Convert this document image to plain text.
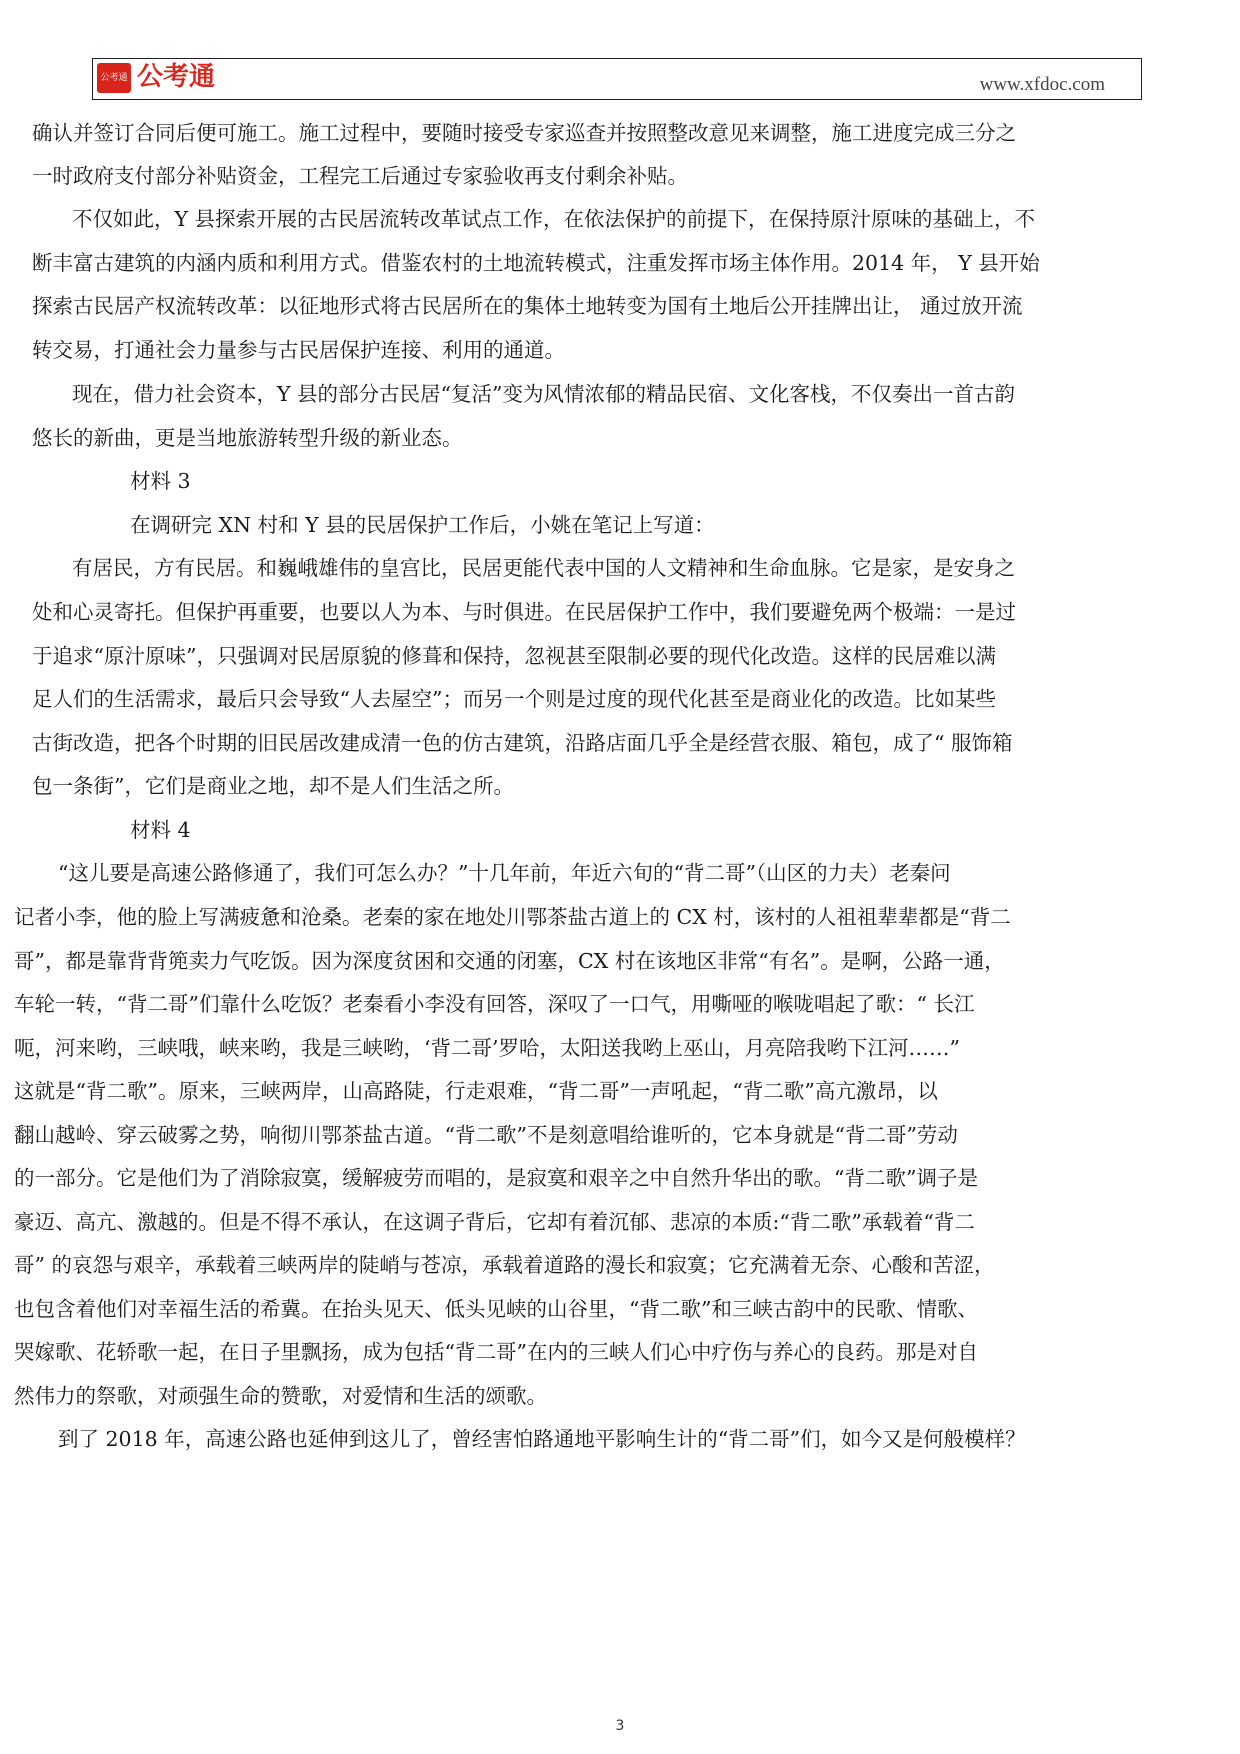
公考通 公考通	www.xfdoc.com
确认并签订合同后便可施工。施工过程中，要随时接受专家巡查并按照整改意见来调整，施工进度完成三分之
一时政府支付部分补贴资金，工程完工后通过专家验收再支付剩余补贴。
不仅如此，Y 县探索开展的古民居流转改革试点工作，在依法保护的前提下，在保持原汁原味的基础上，不
断丰富古建筑的内涵内质和利用方式。借鉴农村的土地流转模式，注重发挥市场主体作用。2014 年， Y 县开始
探索古民居产权流转改革：以征地形式将古民居所在的集体土地转变为国有土地后公开挂牌出让， 通过放开流
转交易，打通社会力量参与古民居保护连接、利用的通道。
现在，借力社会资本，Y 县的部分古民居“复活”变为风情浓郁的精品民宿、文化客栈，不仅奏出一首古韵
悠长的新曲，更是当地旅游转型升级的新业态。
材料 3
在调研完 XN 村和 Y 县的民居保护工作后，小姚在笔记上写道：
有居民，方有民居。和巍峨雄伟的皇宫比，民居更能代表中国的人文精神和生命血脉。它是家，是安身之
处和心灵寄托。但保护再重要，也要以人为本、与时俱进。在民居保护工作中，我们要避免两个极端：一是过
于追求“原汁原味”，只强调对民居原貌的修葺和保持，忽视甚至限制必要的现代化改造。这样的民居难以满
足人们的生活需求，最后只会导致“人去屋空”；而另一个则是过度的现代化甚至是商业化的改造。比如某些
古街改造，把各个时期的旧民居改建成清一色的仿古建筑，沿路店面几乎全是经营衣服、箱包，成了“ 服饰箱
包一条街”，它们是商业之地，却不是人们生活之所。
材料 4
“这儿要是高速公路修通了，我们可怎么办？”十几年前，年近六旬的“背二哥”（山区的力夫）老秦问
记者小李，他的脸上写满疲惫和沧桑。老秦的家在地处川鄂茶盐古道上的 CX 村，该村的人祖祖辈辈都是“背二
哥”，都是靠背背篼卖力气吃饭。因为深度贫困和交通的闭塞，CX 村在该地区非常“有名”。是啊，公路一通，
车轮一转，“背二哥”们靠什么吃饭？老秦看小李没有回答，深叹了一口气，用嘶哑的喉咙唱起了歌：“ 长江
呃，河来哟，三峡哦，峡来哟，我是三峡哟，‘背二哥’罗哈，太阳送我哟上巫山，月亮陪我哟下江河……”
这就是“背二歌”。原来，三峡两岸，山高路陡，行走艰难，“背二哥”一声吼起，“背二歌”高亢激昂，以
翻山越岭、穿云破雾之势，响彻川鄂茶盐古道。“背二歌”不是刻意唱给谁听的，它本身就是“背二哥”劳动
的一部分。它是他们为了消除寂寞，缓解疲劳而唱的，是寂寞和艰辛之中自然升华出的歌。“背二歌”调子是
豪迈、高亢、激越的。但是不得不承认，在这调子背后，它却有着沉郁、悲凉的本质:“背二歌”承载着“背二
哥” 的哀怨与艰辛，承载着三峡两岸的陡峭与苍凉，承载着道路的漫长和寂寞；它充满着无奈、心酸和苦涩，
也包含着他们对幸福生活的希冀。在抬头见天、低头见峡的山谷里，“背二歌”和三峡古韵中的民歌、情歌、
哭嫁歌、花轿歌一起，在日子里飘扬，成为包括“背二哥”在内的三峡人们心中疗伤与养心的良药。那是对自
然伟力的祭歌，对顽强生命的赞歌，对爱情和生活的颂歌。
到了 2018 年，高速公路也延伸到这儿了，曾经害怕路通地平影响生计的“背二哥”们，如今又是何般模样？
3
